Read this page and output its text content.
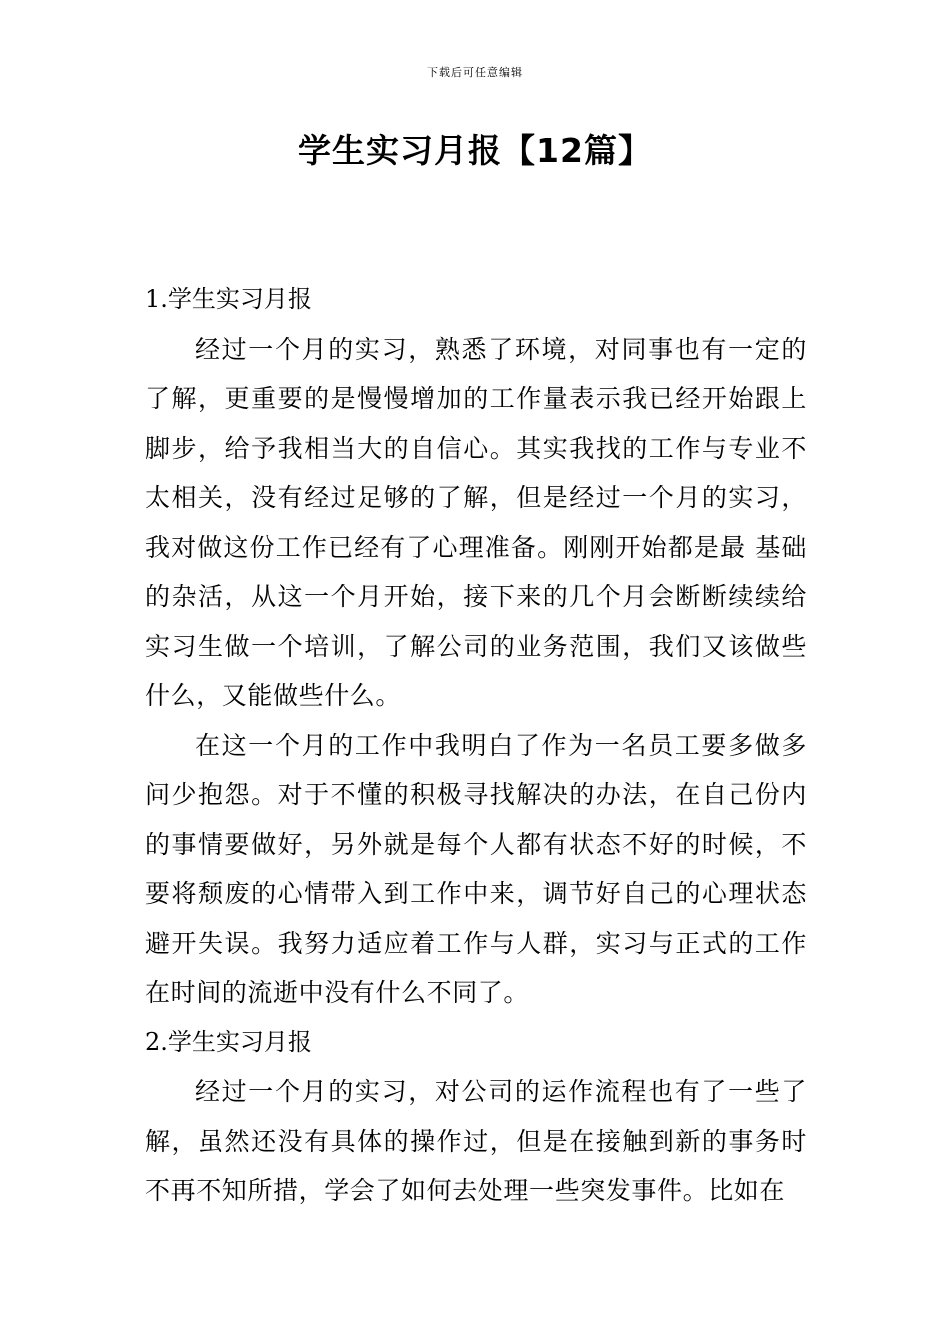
下载后可任意编辑
学生实习月报【12篇】
1.学生实习月报

经过一个月的实习，熟悉了环境，对同事也有一定的了解，更重要的是慢慢增加的工作量表示我已经开始跟上脚步，给予我相当大的自信心。其实我找的工作与专业不太相关，没有经过足够的了解，但是经过一个月的实习，我对做这份工作已经有了心理准备。刚刚开始都是最 基础的杂活，从这一个月开始，接下来的几个月会断断续续给实习生做一个培训，了解公司的业务范围，我们又该做些什么，又能做些什么。

在这一个月的工作中我明白了作为一名员工要多做多问少抱怨。对于不懂的积极寻找解决的办法，在自己份内的事情要做好，另外就是每个人都有状态不好的时候，不要将颓废的心情带入到工作中来，调节好自己的心理状态避开失误。我努力适应着工作与人群，实习与正式的工作在时间的流逝中没有什么不同了。

2.学生实习月报

经过一个月的实习，对公司的运作流程也有了一些了解，虽然还没有具体的操作过，但是在接触到新的事务时不再不知所措，学会了如何去处理一些突发事件。比如在
